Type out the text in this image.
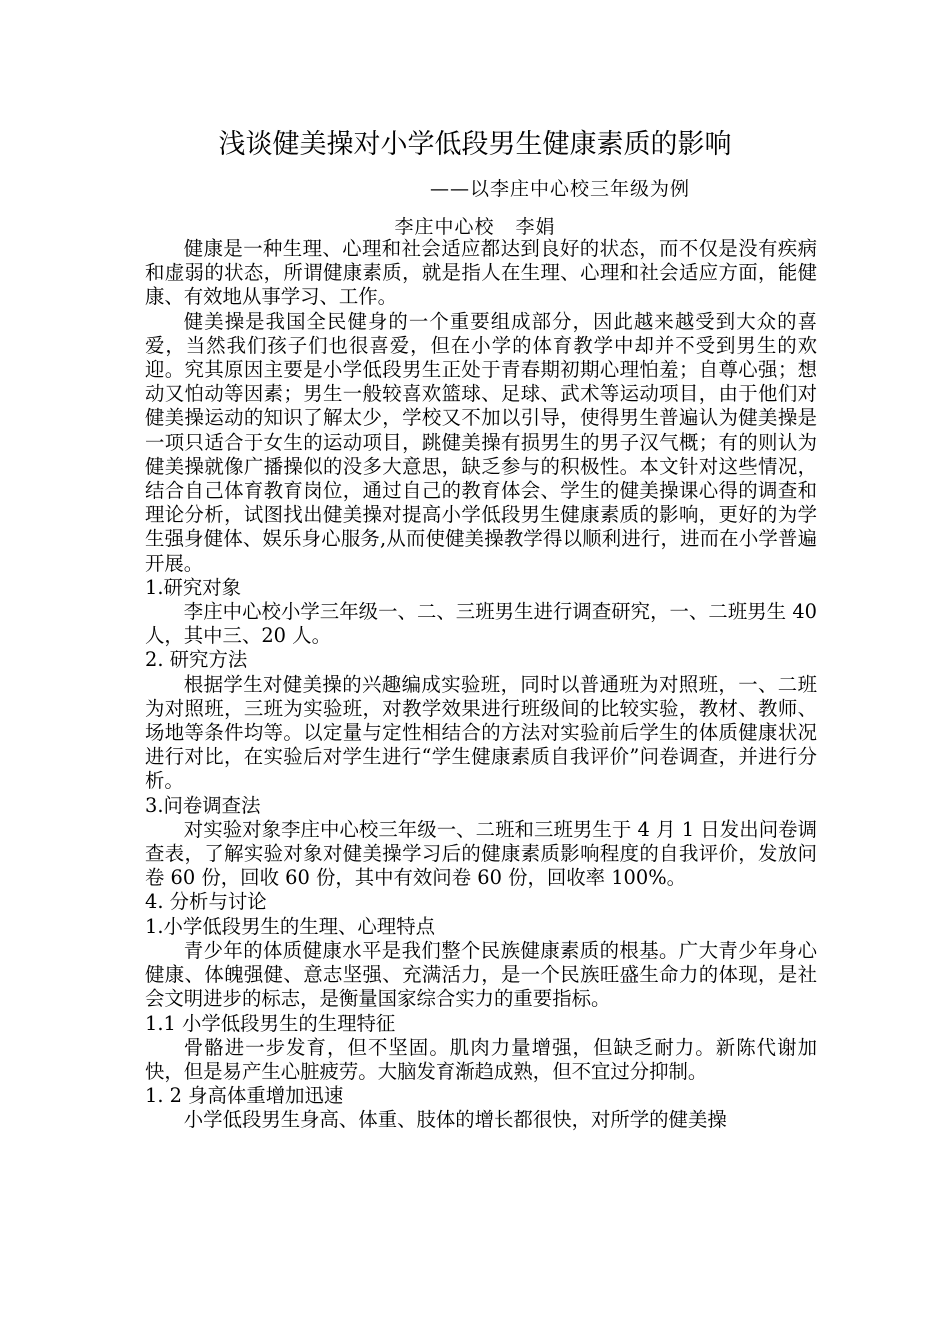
浅谈健美操对小学低段男生健康素质的影响
——以李庄中心校三年级为例
李庄中心校   李娟

健康是一种生理、心理和社会适应都达到良好的状态，而不仅是没有疾病和虚弱的状态，所谓健康素质，就是指人在生理、心理和社会适应方面，能健康、有效地从事学习、工作。

健美操是我国全民健身的一个重要组成部分，因此越来越受到大众的喜爱，当然我们孩子们也很喜爱，但在小学的体育教学中却并不受到男生的欢迎。究其原因主要是小学低段男生正处于青春期初期心理怕羞；自尊心强；想动又怕动等因素；男生一般较喜欢篮球、足球、武术等运动项目，由于他们对健美操运动的知识了解太少，学校又不加以引导，使得男生普遍认为健美操是一项只适合于女生的运动项目，跳健美操有损男生的男子汉气概；有的则认为健美操就像广播操似的没多大意思，缺乏参与的积极性。本文针对这些情况，结合自己体育教育岗位，通过自己的教育体会、学生的健美操课心得的调查和理论分析，试图找出健美操对提高小学低段男生健康素质的影响，更好的为学生强身健体、娱乐身心服务,从而使健美操教学得以顺利进行，进而在小学普遍开展。

1.研究对象

李庄中心校小学三年级一、二、三班男生进行调查研究，一、二班男生 40 人，其中三、20 人。

2. 研究方法

根据学生对健美操的兴趣编成实验班，同时以普通班为对照班，一、二班为对照班，三班为实验班，对教学效果进行班级间的比较实验，教材、教师、场地等条件均等。以定量与定性相结合的方法对实验前后学生的体质健康状况进行对比，在实验后对学生进行“学生健康素质自我评价”问卷调查，并进行分析。

3.问卷调查法

对实验对象李庄中心校三年级一、二班和三班男生于 4 月 1 日发出问卷调查表，了解实验对象对健美操学习后的健康素质影响程度的自我评价，发放问卷 60 份，回收 60 份，其中有效问卷 60 份，回收率 100%。

4. 分析与讨论
1.小学低段男生的生理、心理特点

青少年的体质健康水平是我们整个民族健康素质的根基。广大青少年身心健康、体魄强健、意志坚强、充满活力，是一个民族旺盛生命力的体现，是社会文明进步的标志，是衡量国家综合实力的重要指标。

1.1 小学低段男生的生理特征

骨骼进一步发育，但不坚固。肌肉力量增强，但缺乏耐力。新陈代谢加快，但是易产生心脏疲劳。大脑发育渐趋成熟，但不宜过分抑制。

1. 2 身高体重增加迅速

小学低段男生身高、体重、肢体的增长都很快，对所学的健美操
